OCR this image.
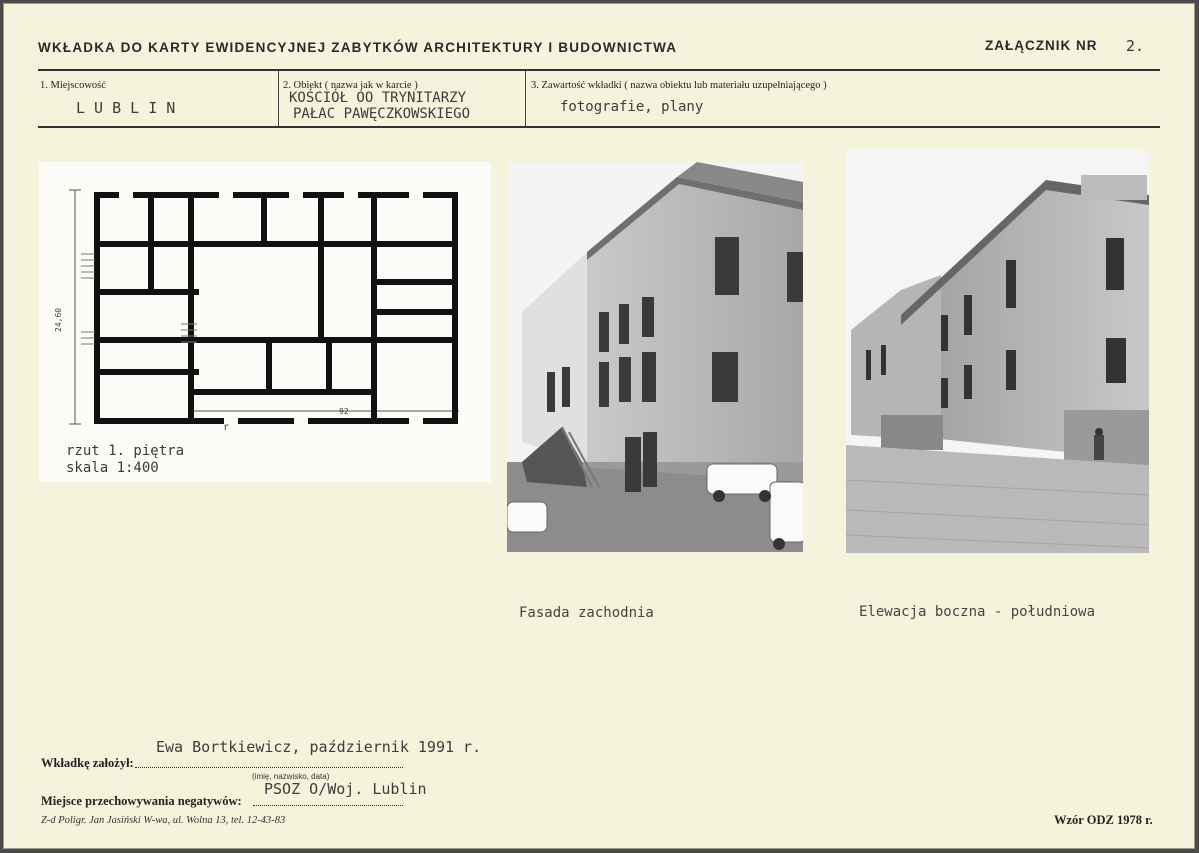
WKŁADKA DO KARTY EWIDENCYJNEJ ZABYTKÓW ARCHITEKTURY I BUDOWNICTWA	ZAŁĄCZNIK NR 2.
1. Miejscowość
L U B L I N
2. Obiekt ( nazwa jak w karcie )
KOŚCIÓŁ OO TRYNITARZY
PAŁAC PAWĘCZKOWSKIEGO
3. Zawartość wkładki ( nazwa obiektu lub materiału uzupełniającego )
fotografie, plany
24,60
92
r
rzut 1. piętra
skala 1:400
Fasada zachodnia	Elewacja boczna - południowa
Ewa Bortkiewicz, październik 1991 r.
Wkładkę założył:
(imię, nazwisko, data)
PSOZ O/Woj. Lublin
Miejsce przechowywania negatywów:
Z-d Poligr. Jan Jasiński W-wa, ul. Wolna 13, tel. 12-43-83	Wzór ODZ 1978 r.
